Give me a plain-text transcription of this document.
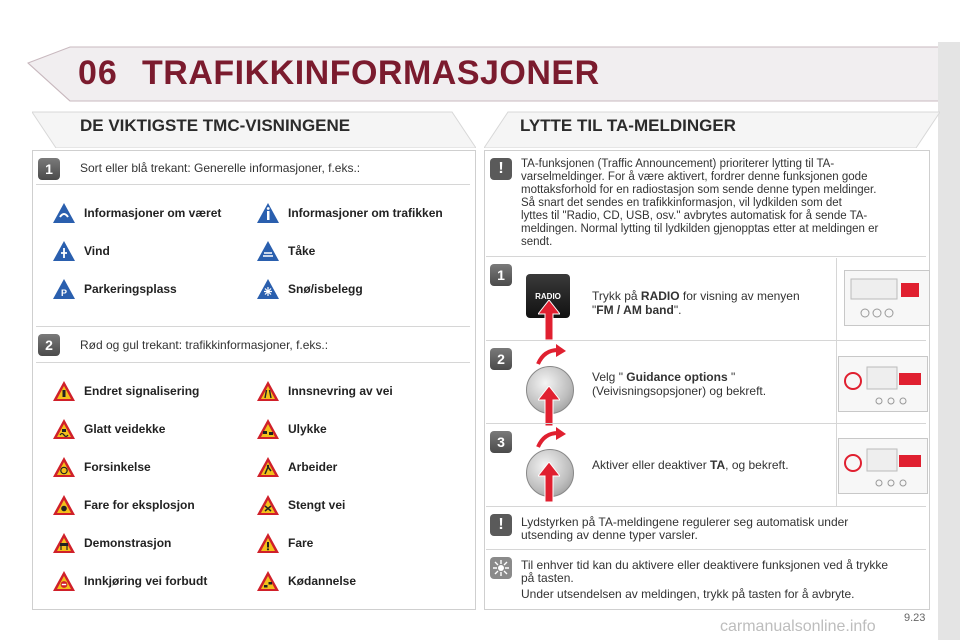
06 TRAFIKKINFORMASJONER
DE VIKTIGSTE TMC-VISNINGENE
1	Sort eller blå trekant: Generelle informasjoner, f.eks.:
Informasjoner om været	Informasjoner om trafikken
Vind	Tåke
P Parkeringsplass	Snø/isbelegg
2	Rød og gul trekant: trafikkinformasjoner, f.eks.:
Endret signalisering	Innsnevring av vei
Glatt veidekke	Ulykke
Forsinkelse	Arbeider
Fare for eksplosjon	Stengt vei
Demonstrasjon	Fare
Innkjøring vei forbudt	Kødannelse
LYTTE TIL TA-MELDINGER
!	TA-funksjonen (Traffic Announcement) prioriterer lytting til TA-
varselmeldinger. For å være aktivert, fordrer denne funksjonen gode
mottaksforhold for en radiostasjon som sende denne typen meldinger.
Så snart det sendes en trafikkinformasjon, vil lydkilden som det
lyttes til "Radio, CD, USB, osv." avbrytes automatisk for å sende TA-
meldingen. Normal lytting til lydkilden gjenopptas etter at meldingen er
sendt.
1
RADIO	Trykk på RADIO for visning av menyen
"FM / AM band".
2
Velg " Guidance options "
(Veivisningsopsjoner) og bekreft.
3
Aktiver eller deaktiver TA, og bekreft.
!	Lydstyrken på TA-meldingene regulerer seg automatisk under
utsending av denne typer varsler.
Til enhver tid kan du aktivere eller deaktivere funksjonen ved å trykke
på tasten.
Under utsendelsen av meldingen, trykk på tasten for å avbryte.
9.23
carmanualsonline.info
